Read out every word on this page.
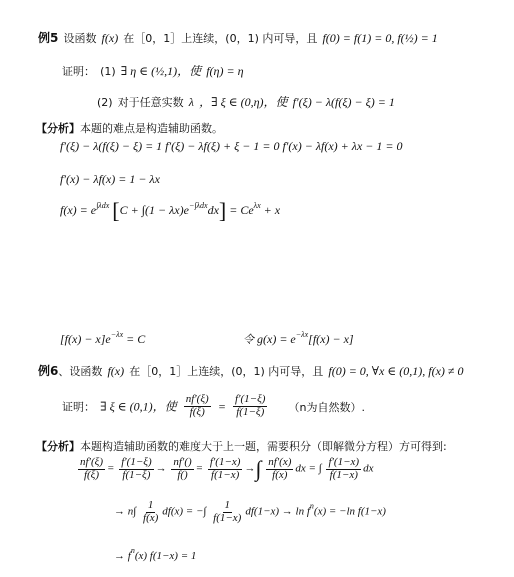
例5 设函数 f(x) 在［0，1］上连续，(0，1) 内可导，且 f(0) = f(1) = 0, f(½) = 1
证明： (1) ∃ η ∈ (½,1)，使 f(η) = η
(2) 对于任意实数 λ ，∃ ξ ∈ (0,η)，使 f′(ξ) − λ(f(ξ) − ξ) = 1
【分析】本题的难点是构造辅助函数。
f′(ξ) − λ(f(ξ) − ξ) = 1 f′(ξ) − λf(ξ) + ξ − 1 = 0 f′(x) − λf(x) + λx − 1 = 0
f′(x) − λf(x) = 1 − λx
$f(x) = e^{\int\lambda dx}$ $[C + \int(1 - \lambda x)e^{-\int\lambda dx}dx] = Ce^{\lambda x} + x$
$[f(x) - x]e^{-\lambda x} = C$	令 $g(x) = e^{-\lambda x}[f(x) - x]$
例6、设函数 f(x) 在［0，1］上连续，(0，1) 内可导，且 f(0) = 0, ∀x ∈ (0,1), f(x) ≠ 0
证明： ∃ ξ ∈ (0,1)，使 $\frac{nf'(\xi)}{f(\xi)} = \frac{f'(1-\xi)}{f(1-\xi)} (n$为自然数）.
【分析】本题构造辅助函数的难度大于上一题，需要积分（即解微分方程）方可得到:
$\frac{nf'(\xi)}{f(\xi)} = \frac{f'(1-\xi)}{f(1-\xi)} \to \frac{nf'()}{f()} = \frac{f'(1-x)}{f(1-x)}$ →∫ $\frac{nf'(x)}{f(x)}$ dx = ∫ $\frac{f'(1-x)}{f(1-x)}$ dx
→ $n\int \frac{1}{f(x)} df(x)$ = −∫ $\frac{1}{f(1-x)} df(1-x) \to \ln f^n(x) = -\ln$ f(1−x)
→ $f^n(x) f(1-x) = 1$
